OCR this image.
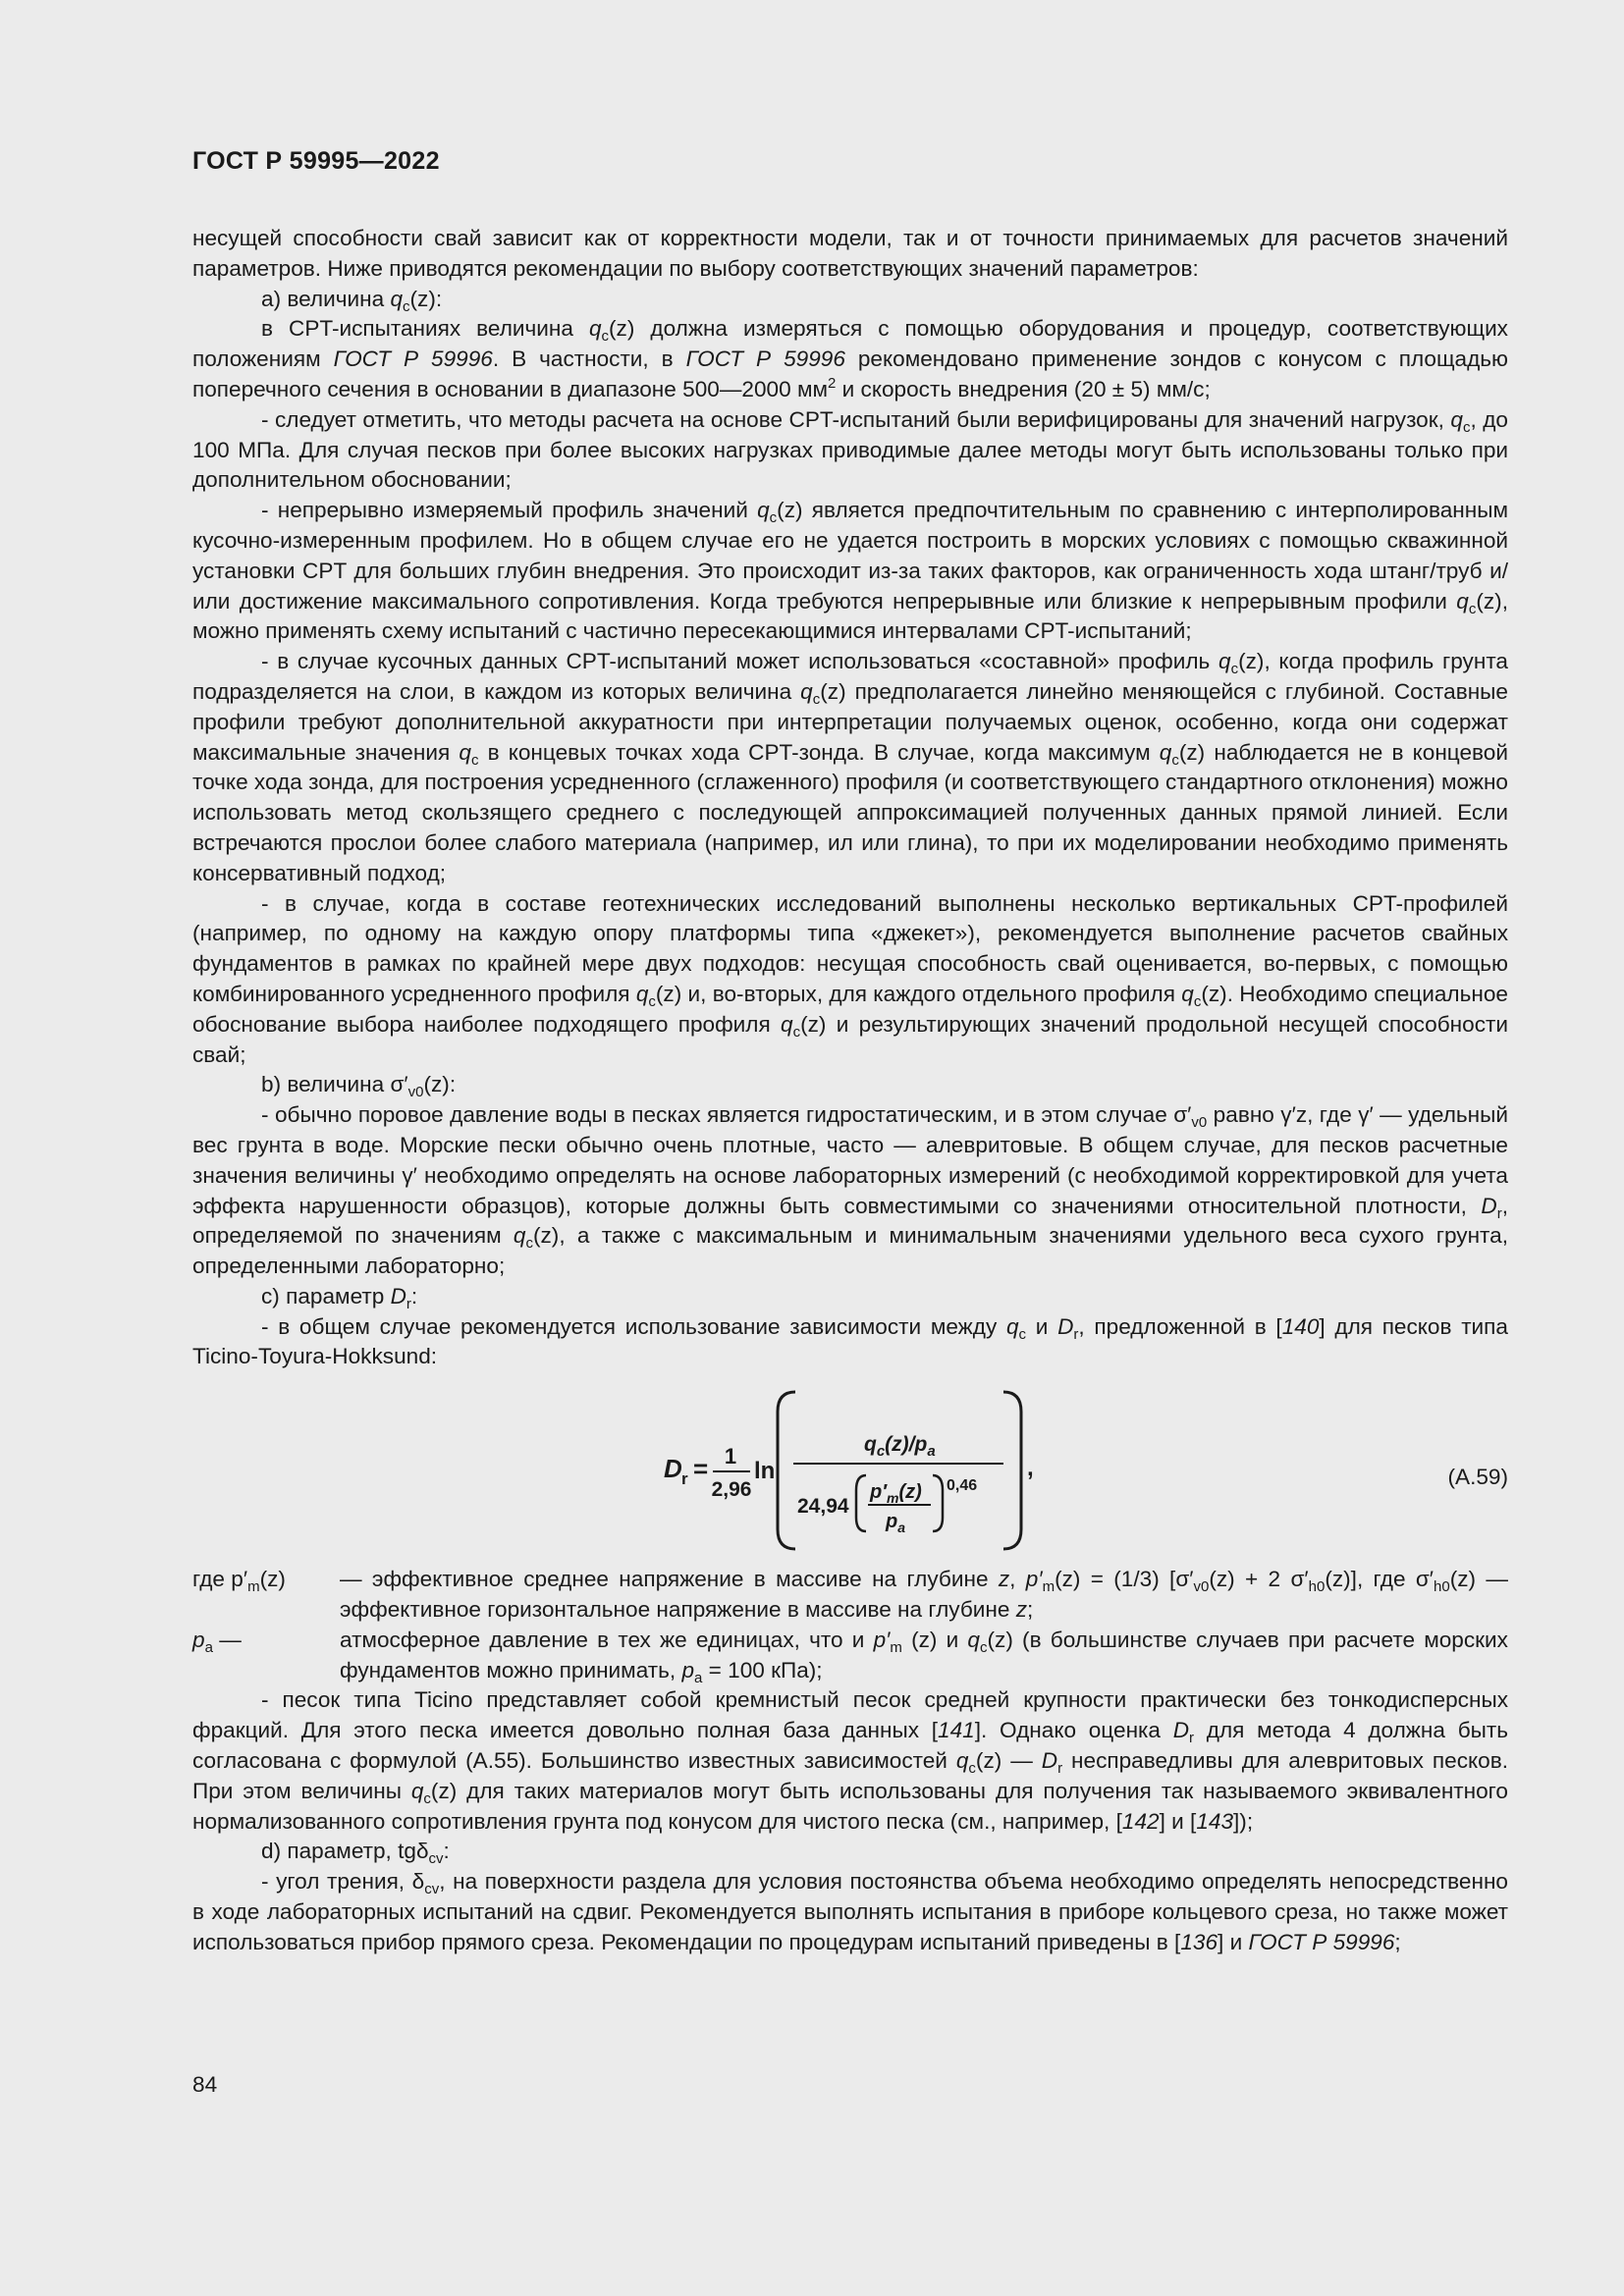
ГОСТ Р 59995—2022

несущей способности свай зависит как от корректности модели, так и от точности принимаемых для расчетов значений параметров. Ниже приводятся рекомендации по выбору соответствующих значений параметров:

a) величина $q_c(z)$:

в CPT-испытаниях величина $q_c(z)$ должна измеряться с помощью оборудования и процедур, соответствующих положениям ГОСТ Р 59996. В частности, в ГОСТ Р 59996 рекомендовано применение зондов с конусом с площадью поперечного сечения в основании в диапазоне 500—2000 $мм^2$ и скорость внедрения (20 ± 5) мм/с;

- следует отметить, что методы расчета на основе CPT-испытаний были верифицированы для значений нагрузок, $q_c$, до 100 МПа. Для случая песков при более высоких нагрузках приводимые далее методы могут быть использованы только при дополнительном обосновании;

- непрерывно измеряемый профиль значений $q_c(z)$ является предпочтительным по сравнению с интерполированным кусочно-измеренным профилем. Но в общем случае его не удается построить в морских условиях с помощью скважинной установки CPT для больших глубин внедрения. Это происходит из-за таких факторов, как ограниченность хода штанг/труб и/или достижение максимального сопротивления. Когда требуются непрерывные или близкие к непрерывным профили $q_c(z)$, можно применять схему испытаний с частично пересекающимися интервалами CPT-испытаний;

- в случае кусочных данных CPT-испытаний может использоваться «составной» профиль $q_c(z)$, когда профиль грунта подразделяется на слои, в каждом из которых величина $q_c(z)$ предполагается линейно меняющейся с глубиной. Составные профили требуют дополнительной аккуратности при интерпретации получаемых оценок, особенно, когда они содержат максимальные значения $q_c$ в концевых точках хода CPT-зонда. В случае, когда максимум $q_c(z)$ наблюдается не в концевой точке хода зонда, для построения усредненного (сглаженного) профиля (и соответствующего стандартного отклонения) можно использовать метод скользящего среднего с последующей аппроксимацией полученных данных прямой линией. Если встречаются прослои более слабого материала (например, ил или глина), то при их моделировании необходимо применять консервативный подход;

- в случае, когда в составе геотехнических исследований выполнены несколько вертикальных CPT-профилей (например, по одному на каждую опору платформы типа «джекет»), рекомендуется выполнение расчетов свайных фундаментов в рамках по крайней мере двух подходов: несущая способность свай оценивается, во-первых, с помощью комбинированного усредненного профиля $q_c(z)$ и, во-вторых, для каждого отдельного профиля $q_c(z)$. Необходимо специальное обоснование выбора наиболее подходящего профиля $q_c(z)$ и результирующих значений продольной несущей способности свай;

b) величина $\sigma'_{v0}(z)$:

- обычно поровое давление воды в песках является гидростатическим, и в этом случае $\sigma'_{v0}$ равно γ′z, где γ′ — удельный вес грунта в воде. Морские пески обычно очень плотные, часто — алевритовые. В общем случае, для песков расчетные значения величины γ′ необходимо определять на основе лабораторных измерений (с необходимой корректировкой для учета эффекта нарушенности образцов), которые должны быть совместимыми со значениями относительной плотности, $D_r$, определяемой по значениям $q_c(z)$, а также с максимальным и минимальным значениями удельного веса сухого грунта, определенными лабораторно;

c) параметр $D_r$:

- в общем случае рекомендуется использование зависимости между $q_c$ и $D_r$, предложенной в [140] для песков типа Ticino-Toyura-Hokksund:

D r = 1
2,96
ln
$q_c(z)/p_a$
24,94
$p'_m(z)$
$p_a$
0,46
,	(А.59)
где $p'_m(z)$	— эффективное среднее напряжение в массиве на глубине z, $p'_m(z) = (1/3) [\sigma'_{v0}(z) + 2$ $\sigma'_{h0}(z)$], где $\sigma'_{h0}(z)$ — эффективное горизонтальное напряжение в массиве на глубине z;
$p_a$ —	атмосферное давление в тех же единицах, что и $p'_m$ (z) и $q_c(z)$ (в большинстве случаев при расчете морских фундаментов можно принимать, $p_a = 100$ кПа);

- песок типа Ticino представляет собой кремнистый песок средней крупности практически без тонкодисперсных фракций. Для этого песка имеется довольно полная база данных [141]. Однако оценка $D_r$ для метода 4 должна быть согласована с формулой (А.55). Большинство известных зависимостей $q_c(z)$ — $D_r$ несправедливы для алевритовых песков. При этом величины $q_c(z)$ для таких материалов могут быть использованы для получения так называемого эквивалентного нормализованного сопротивления грунта под конусом для чистого песка (см., например, [142] и [143]);

d) параметр, tgδ$_{cv}$:

- угол трения, $\delta_{cv}$, на поверхности раздела для условия постоянства объема необходимо определять непосредственно в ходе лабораторных испытаний на сдвиг. Рекомендуется выполнять испытания в приборе кольцевого среза, но также может использоваться прибор прямого среза. Рекомендации по процедурам испытаний приведены в [136] и ГОСТ Р 59996;

84
